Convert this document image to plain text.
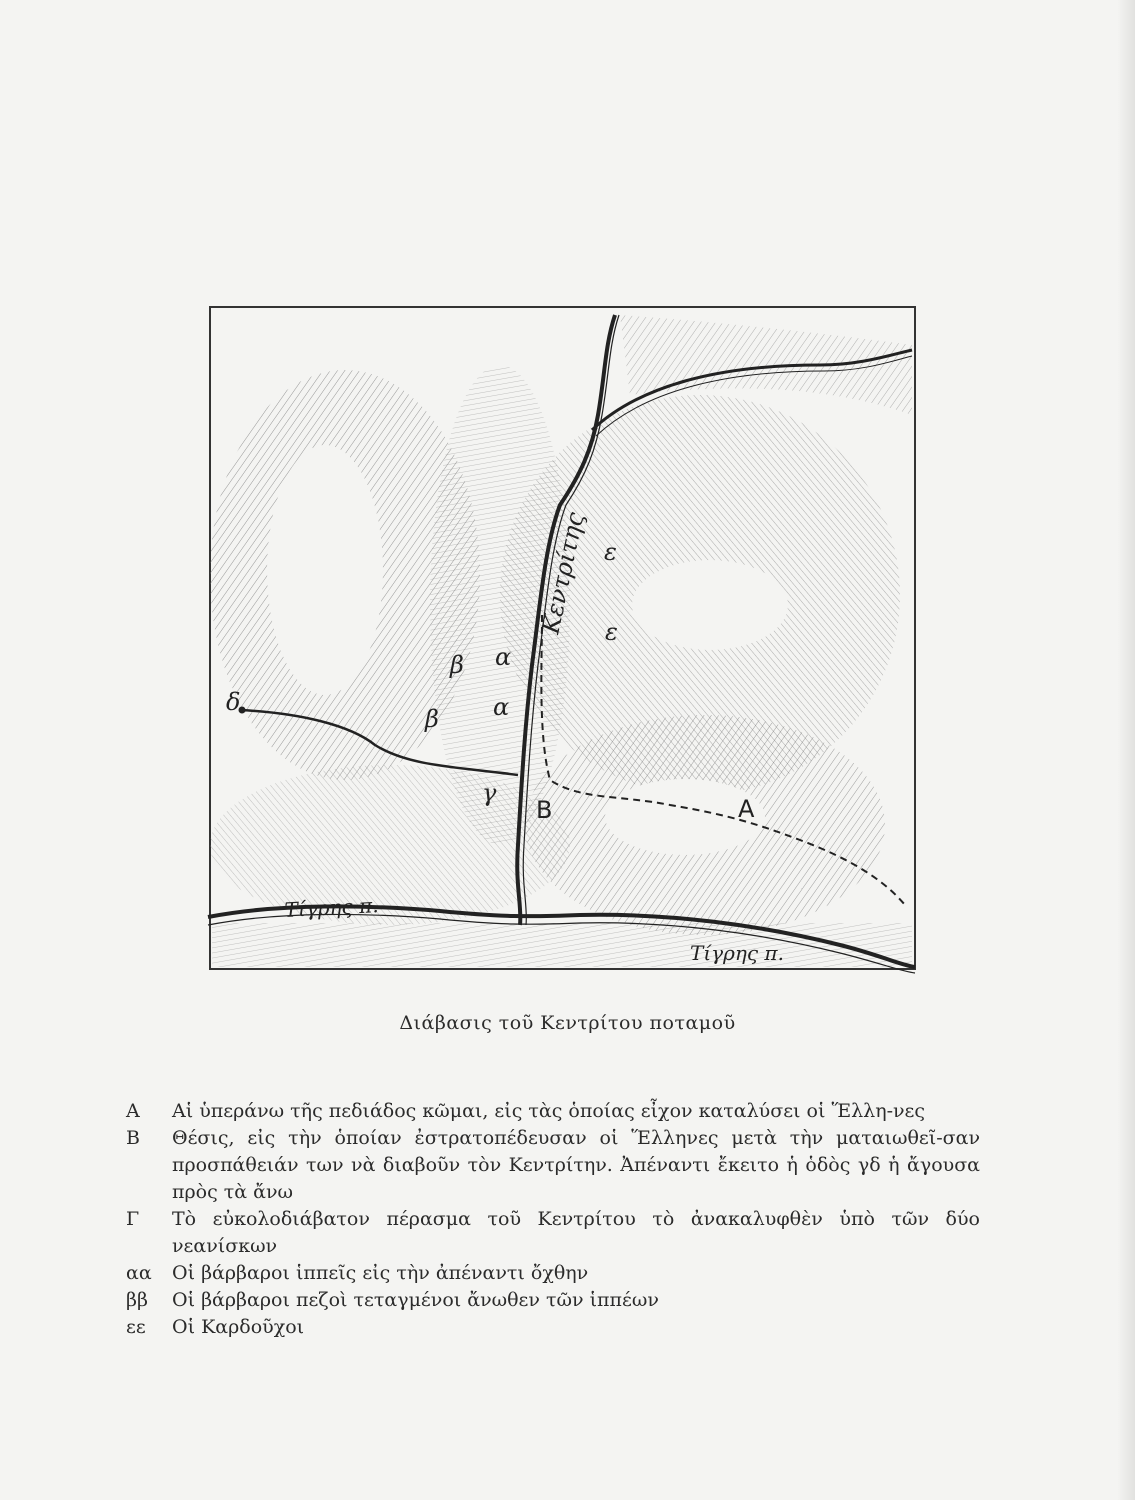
Κεντρίτης
Τίγρης π.
Τίγρης π.
A
B
γ
δ
α
α
β
β
ε
ε
Διάβασις τοῦ Κεντρίτου ποταμοῦ
A	Αἱ ὑπεράνω τῆς πεδιάδος κῶμαι, εἰς τὰς ὁποίας εἶχον καταλύσει οἱ Ἕλλη-νες
B	Θέσις, εἰς τὴν ὁποίαν ἐστρατοπέδευσαν οἱ Ἕλληνες μετὰ τὴν ματαιωθεῖ-σαν προσπάθειάν των νὰ διαβοῦν τὸν Κεντρίτην. Ἀπέναντι ἔκειτο ἡ ὁδὸς γδ ἡ ἄγουσα πρὸς τὰ ἄνω
Γ	Τὸ εὐκολοδιάβατον πέρασμα τοῦ Κεντρίτου τὸ ἀνακαλυφθὲν ὑπὸ τῶν δύο νεανίσκων
αα	Οἱ βάρβαροι ἱππεῖς εἰς τὴν ἀπέναντι ὄχθην
ββ	Οἱ βάρβαροι πεζοὶ τεταγμένοι ἄνωθεν τῶν ἱππέων
εε	Οἱ Καρδοῦχοι
